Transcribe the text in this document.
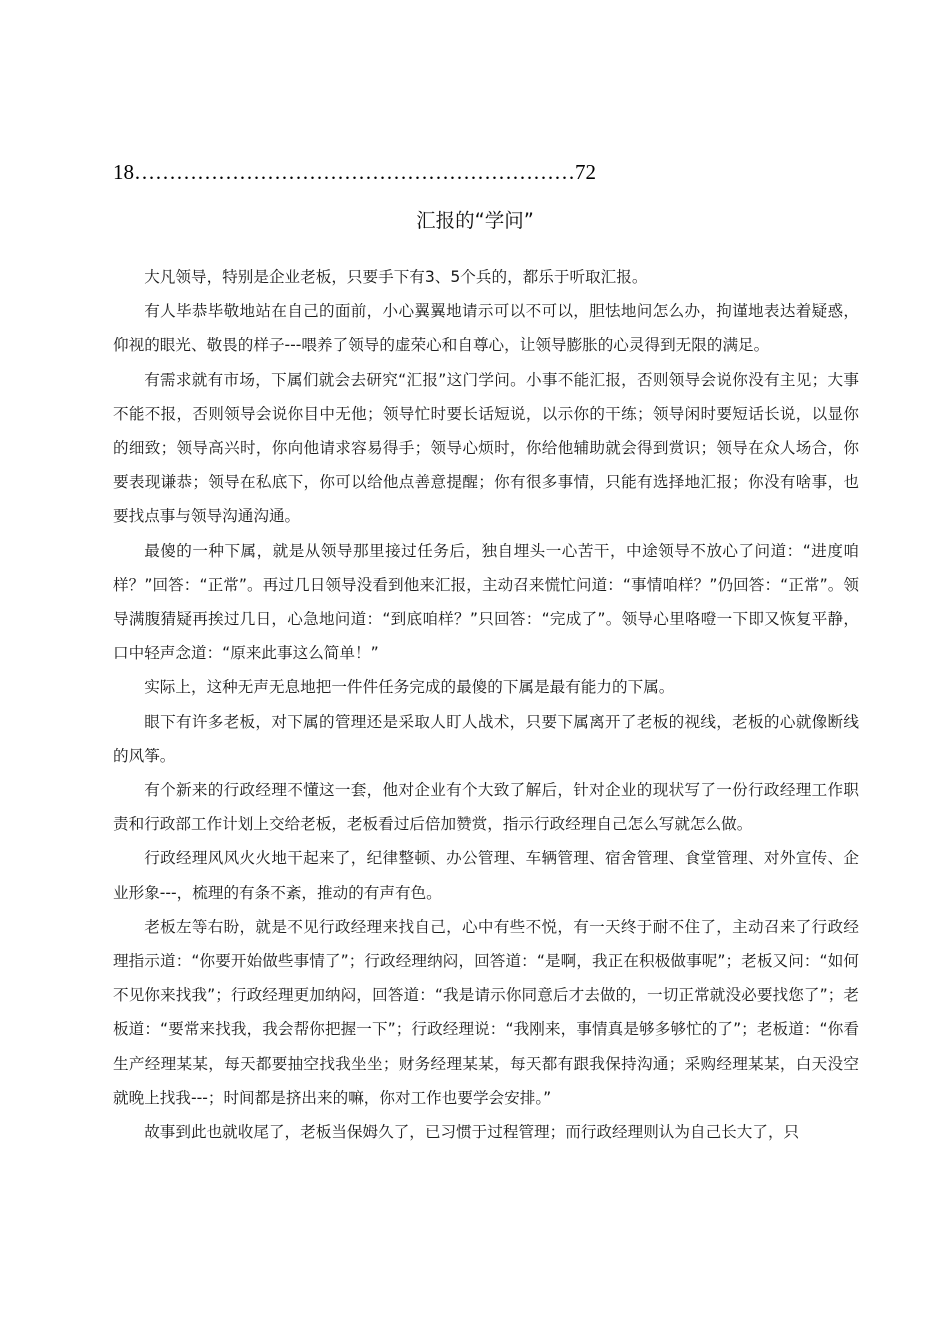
18………………………………………………………72
汇报的“学问”

大凡领导，特别是企业老板，只要手下有3、5个兵的，都乐于听取汇报。

有人毕恭毕敬地站在自己的面前，小心翼翼地请示可以不可以，胆怯地问怎么办，拘谨地表达着疑惑，仰视的眼光、敬畏的样子---喂养了领导的虚荣心和自尊心，让领导膨胀的心灵得到无限的满足。

有需求就有市场，下属们就会去研究“汇报”这门学问。小事不能汇报，否则领导会说你没有主见；大事不能不报，否则领导会说你目中无他；领导忙时要长话短说，以示你的干练；领导闲时要短话长说，以显你的细致；领导高兴时，你向他请求容易得手；领导心烦时，你给他辅助就会得到赏识；领导在众人场合，你要表现谦恭；领导在私底下，你可以给他点善意提醒；你有很多事情，只能有选择地汇报；你没有啥事，也要找点事与领导沟通沟通。

最傻的一种下属，就是从领导那里接过任务后，独自埋头一心苦干，中途领导不放心了问道：“进度咱样？”回答：“正常”。再过几日领导没看到他来汇报，主动召来慌忙问道：“事情咱样？”仍回答：“正常”。领导满腹猜疑再挨过几日，心急地问道：“到底咱样？”只回答：“完成了”。领导心里咯噔一下即又恢复平静，口中轻声念道：“原来此事这么简单！”

实际上，这种无声无息地把一件件任务完成的最傻的下属是最有能力的下属。

眼下有许多老板，对下属的管理还是采取人盯人战术，只要下属离开了老板的视线，老板的心就像断线的风筝。

有个新来的行政经理不懂这一套，他对企业有个大致了解后，针对企业的现状写了一份行政经理工作职责和行政部工作计划上交给老板，老板看过后倍加赞赏，指示行政经理自己怎么写就怎么做。

行政经理风风火火地干起来了，纪律整顿、办公管理、车辆管理、宿舍管理、食堂管理、对外宣传、企业形象---，梳理的有条不紊，推动的有声有色。

老板左等右盼，就是不见行政经理来找自己，心中有些不悦，有一天终于耐不住了，主动召来了行政经理指示道：“你要开始做些事情了”；行政经理纳闷，回答道：“是啊，我正在积极做事呢”；老板又问：“如何不见你来找我”；行政经理更加纳闷，回答道：“我是请示你同意后才去做的，一切正常就没必要找您了”；老板道：“要常来找我，我会帮你把握一下”；行政经理说：“我刚来，事情真是够多够忙的了”；老板道：“你看生产经理某某，每天都要抽空找我坐坐；财务经理某某，每天都有跟我保持沟通；采购经理某某，白天没空就晚上找我---；时间都是挤出来的嘛，你对工作也要学会安排。”

故事到此也就收尾了，老板当保姆久了，已习惯于过程管理；而行政经理则认为自己长大了，只
